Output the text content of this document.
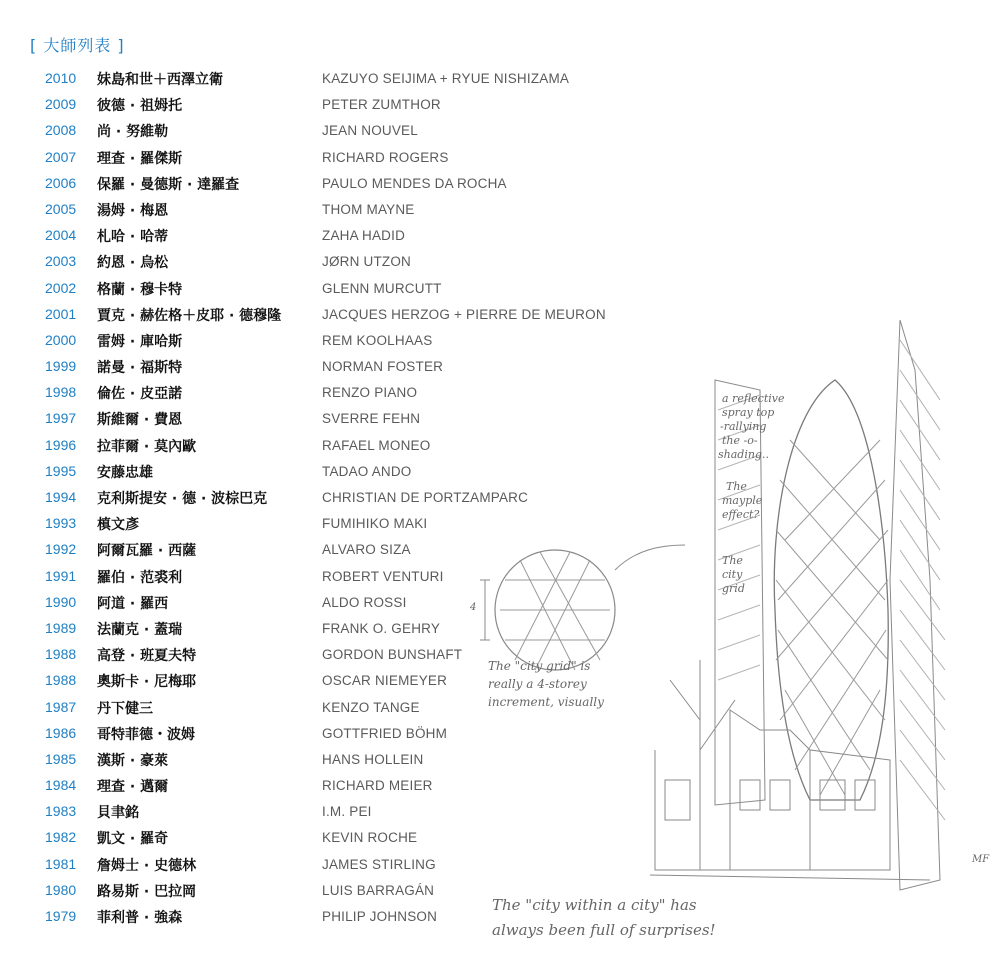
[ 大師列表 ]
2010 妹島和世＋西澤立衛	KAZUYO SEIJIMA + RYUE NISHIZAMA
2009 彼德 · 祖姆托	PETER ZUMTHOR
2008 尚 · 努維勒	JEAN NOUVEL
2007 理查 · 羅傑斯	RICHARD ROGERS
2006 保羅 · 曼德斯 · 達羅查	PAULO MENDES DA ROCHA
2005 湯姆 · 梅恩	THOM MAYNE
2004 札哈 · 哈蒂	ZAHA HADID
2003 約恩 · 烏松	JØRN UTZON
2002 格蘭 · 穆卡特	GLENN MURCUTT
2001 賈克 · 赫佐格＋皮耶 · 德穆隆	JACQUES HERZOG + PIERRE DE MEURON
2000 雷姆 · 庫哈斯	REM KOOLHAAS
1999 諾曼 · 福斯特	NORMAN FOSTER
1998 倫佐 · 皮亞諾	RENZO PIANO
1997 斯維爾 · 費恩	SVERRE FEHN
1996 拉菲爾 · 莫內歐	RAFAEL MONEO
1995 安藤忠雄	TADAO ANDO
1994 克利斯提安 · 德 · 波棕巴克	CHRISTIAN DE PORTZAMPARC
1993 槙文彥	FUMIHIKO MAKI
1992 阿爾瓦羅 · 西薩	ALVARO SIZA
1991 羅伯 · 范裘利	ROBERT VENTURI
1990 阿道 · 羅西	ALDO ROSSI
1989 法蘭克 · 蓋瑞	FRANK O. GEHRY
1988 高登 · 班夏夫特	GORDON BUNSHAFT
1988 奧斯卡 · 尼梅耶	OSCAR NIEMEYER
1987 丹下健三	KENZO TANGE
1986 哥特菲德・波姆	GOTTFRIED BÖHM
1985 漢斯 · 豪萊	HANS HOLLEIN
1984 理查 · 邁爾	RICHARD MEIER
1983 貝聿銘	I.M. PEI
1982 凱文 · 羅奇	KEVIN ROCHE
1981 詹姆士 · 史德林	JAMES STIRLING
1980 路易斯 · 巴拉岡	LUIS BARRAGÁN
1979 菲利普 · 強森	PHILIP JOHNSON
a reflective
spray top
-rallying
the -o-
shading..
The
mayple
effect?
The
city
grid
The "city grid" is
really a 4-storey
increment, visually
4
The "city within a city" has
always been full of surprises!
MF
